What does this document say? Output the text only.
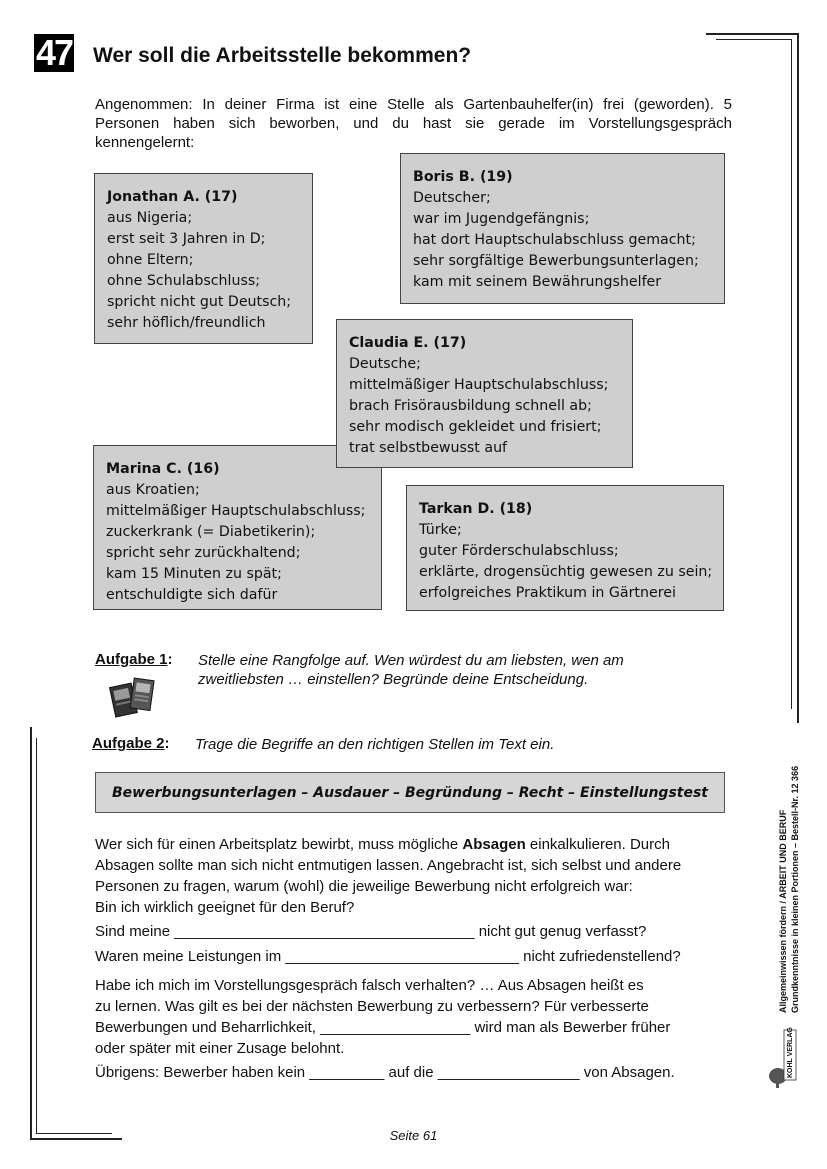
47 Wer soll die Arbeitsstelle bekommen?
Angenommen: In deiner Firma ist eine Stelle als Gartenbauhelfer(in) frei (geworden). 5 Personen haben sich beworben, und du hast sie gerade im Vorstellungsgespräch kennengelernt:
Jonathan A. (17)
aus Nigeria;
erst seit 3 Jahren in D;
ohne Eltern;
ohne Schulabschluss;
spricht nicht gut Deutsch;
sehr höflich/freundlich
Boris B. (19)
Deutscher;
war im Jugendgefängnis;
hat dort Hauptschulabschluss gemacht;
sehr sorgfältige Bewerbungsunterlagen;
kam mit seinem Bewährungshelfer
Marina C. (16)
aus Kroatien;
mittelmäßiger Hauptschulabschluss;
zuckerkrank (= Diabetikerin);
spricht sehr zurückhaltend;
kam 15 Minuten zu spät;
entschuldigte sich dafür
Claudia E. (17)
Deutsche;
mittelmäßiger Hauptschulabschluss;
brach Frisörausbildung schnell ab;
sehr modisch gekleidet und frisiert;
trat selbstbewusst auf
Tarkan D. (18)
Türke;
guter Förderschulabschluss;
erklärte, drogensüchtig gewesen zu sein;
erfolgreiches Praktikum in Gärtnerei
Aufgabe 1: Stelle eine Rangfolge auf. Wen würdest du am liebsten, wen am
zweitliebsten … einstellen? Begründe deine Entscheidung.
Aufgabe 2: Trage die Begriffe an den richtigen Stellen im Text ein.
Bewerbungsunterlagen – Ausdauer – Begründung – Recht – Einstellungstest
Wer sich für einen Arbeitsplatz bewirbt, muss mögliche Absagen einkalkulieren. Durch
Absagen sollte man sich nicht entmutigen lassen. Angebracht ist, sich selbst und andere
Personen zu fragen, warum (wohl) die jeweilige Bewerbung nicht erfolgreich war:
Bin ich wirklich geeignet für den Beruf?
Sind meine ____________________________________ nicht gut genug verfasst?
Waren meine Leistungen im ____________________________ nicht zufriedenstellend?
Habe ich mich im Vorstellungsgespräch falsch verhalten? … Aus Absagen heißt es
zu lernen. Was gilt es bei der nächsten Bewerbung zu verbessern? Für verbesserte
Bewerbungen und Beharrlichkeit, __________________ wird man als Bewerber früher
oder später mit einer Zusage belohnt.
Übrigens: Bewerber haben kein _________ auf die _________________ von Absagen.
Allgemeinwissen fördern / ARBEIT UND BERUF Grundkenntnisse in kleinen Portionen – Bestell-Nr. 12 366
KOHL VERLAG
Seite 61
